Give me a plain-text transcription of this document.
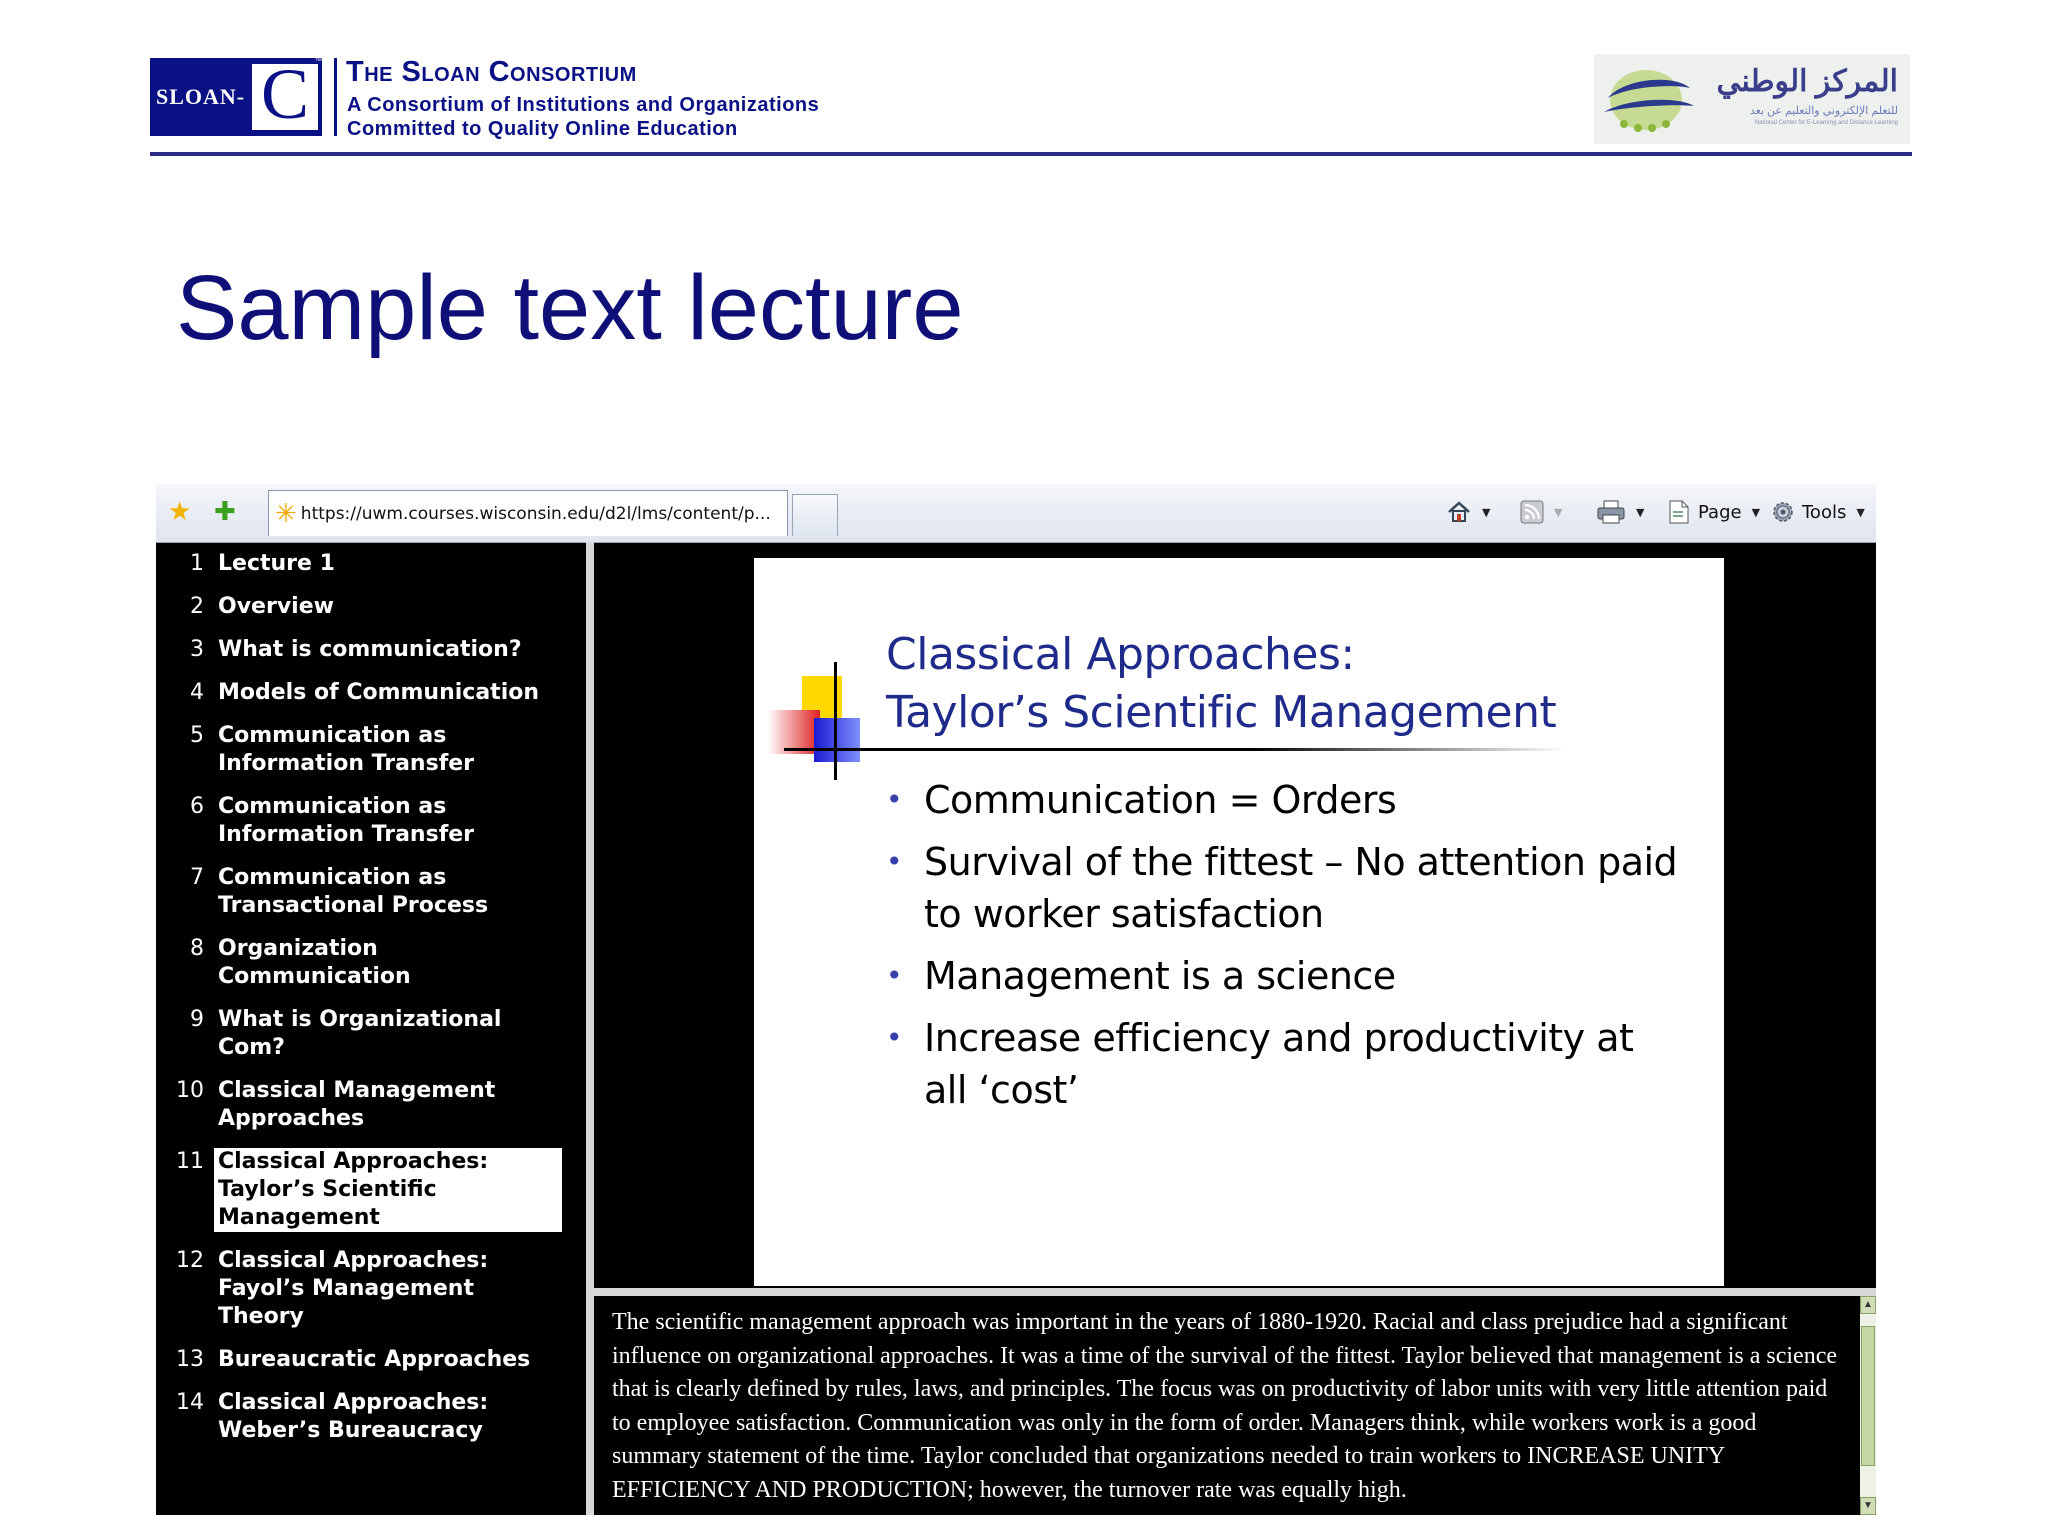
SLOAN- C ™ The Sloan Consortium
A Consortium of Institutions and Organizations
Committed to Quality Online Education
المركز الوطني
للتعلم الإلكتروني والتعليم عن بعد
National Center for E-Learning and Distance Learning
Sample text lecture
★ ✚ ✳ https://uwm.courses.wisconsin.edu/d2l/lms/content/p...	▼	▼	▼	Page ▼ Tools ▼
1 Lecture 1
2 Overview
3 What is communication?
4 Models of Communication
5 Communication as Information Transfer
6 Communication as Information Transfer
7 Communication as Transactional Process
8 Organization Communication
9 What is Organizational Com?
10 Classical Management Approaches
11 Classical Approaches: Taylor’s Scientific Management
12 Classical Approaches: Fayol’s Management Theory
13 Bureaucratic Approaches
14 Classical Approaches: Weber’s Bureaucracy
Classical Approaches:
Taylor’s Scientific Management
• Communication = Orders
• Survival of the fittest – No attention paid to worker satisfaction
• Management is a science
• Increase efficiency and productivity at all ‘cost’

The scientific management approach was important in the years of 1880-1920. Racial and class prejudice had a significant influence on organizational approaches. It was a time of the survival of the fittest. Taylor believed that management is a science that is clearly defined by rules, laws, and principles. The focus was on productivity of labor units with very little attention paid to employee satisfaction. Communication was only in the form of order. Managers think, while workers work is a good summary statement of the time. Taylor concluded that organizations needed to train workers to INCREASE UNITY EFFICIENCY AND PRODUCTION; however, the turnover rate was equally high.

▲
▼
